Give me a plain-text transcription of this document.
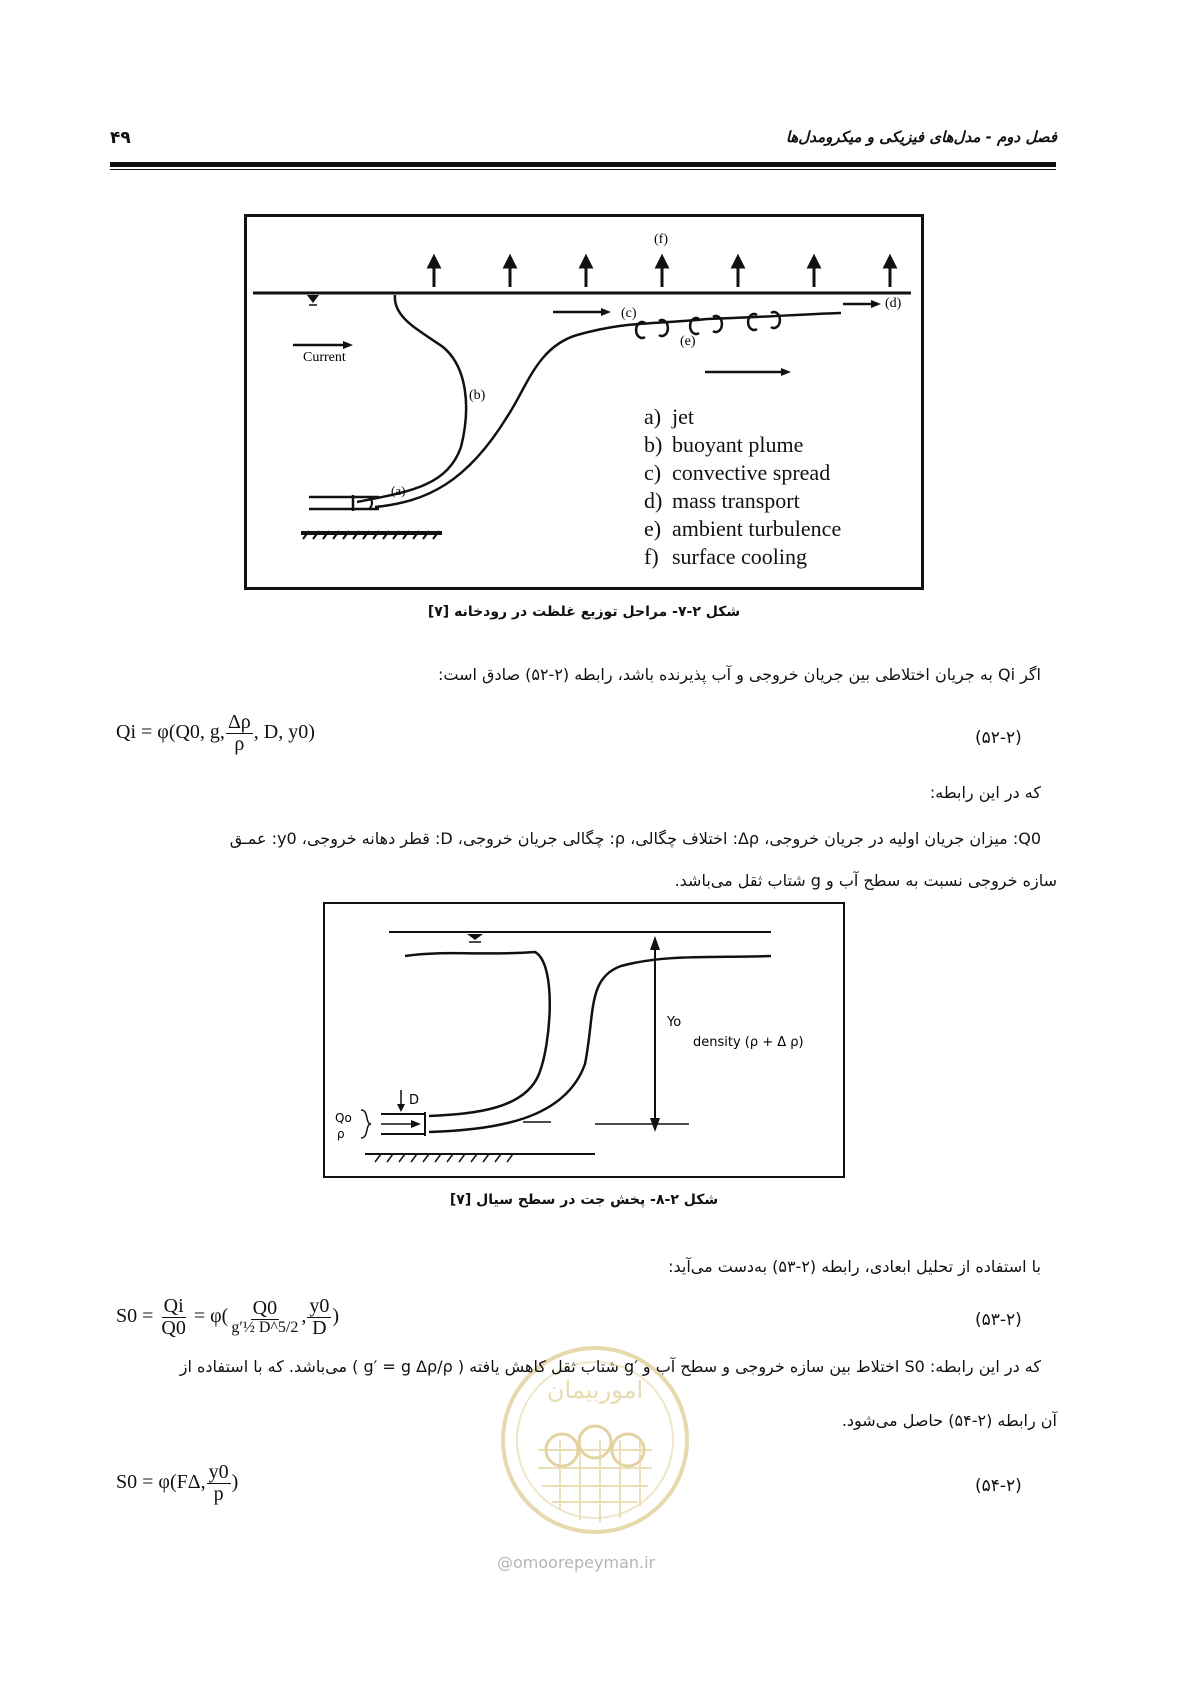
فصل دوم - مدل‌های فیزیکی و میکرومدل‌ها
۴۹
(f)
Current
(c)
(d)
(e)
(b)
(a)
a) jet
b) buoyant plume
c) convective spread
d) mass transport
e) ambient turbulence
f) surface cooling
شکل ۲-۷- مراحل توزیع غلظت در رودخانه [۷]
اگر Qi به جریان اختلاطی بین جریان خروجی و آب پذیرنده باشد، رابطه (۲-۵۲) صادق است:
Qi = φ(Q0, g, $\frac{\Delta\rho}{\rho}$ , D, y0)	(۵۲-۲)
که در این رابطه:
Q0: میزان جریان اولیه در جریان خروجی، Δρ: اختلاف چگالی، ρ: چگالی جریان خروجی، D: قطر دهانه خروجی، y0: عمـق
سازه خروجی نسبت به سطح آب و g شتاب ثقل می‌باشد.
Yo
density (ρ + Δ ρ)
D
Qo
ρ
شکل ۲-۸- پخش جت در سطح سیال [۷]
با استفاده از تحلیل ابعادی، رابطه (۲-۵۳) به‌دست می‌آید:
$S0 = \frac{Qi}{Q0} = \varphi( \frac{Q0}{\text{g′½ D\textasciicircum{}5/2}}$ , $\frac{y0}{D}$ )	(۵۳-۲)
اموربیمان
که در این رابطه: S0 اختلاط بین سازه خروجی و سطح آب و ′g شتاب ثقل کاهش یافته ( g′ = g Δρ/ρ ) می‌باشد. که با استفاده از
آن رابطه (۲-۵۴) حاصل می‌شود.
S0 = φ(FΔ, $\frac{y0}{p}$ )	(۵۴-۲)
@omoorepeyman.ir
